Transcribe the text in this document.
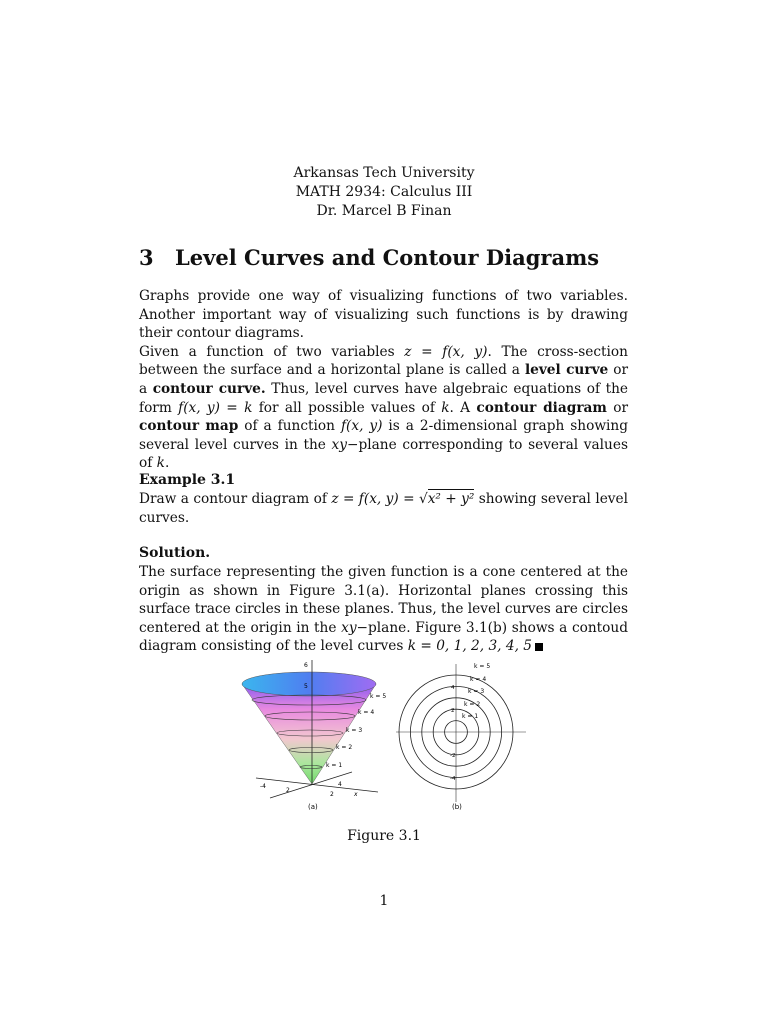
Arkansas Tech University
MATH 2934: Calculus III
Dr. Marcel B Finan
3 Level Curves and Contour Diagrams

Graphs provide one way of visualizing functions of two variables. Another important way of visualizing such functions is by drawing their contour diagrams.

Given a function of two variables z = f(x, y). The cross-section between the surface and a horizontal plane is called a level curve or a contour curve. Thus, level curves have algebraic equations of the form f(x, y) = k for all possible values of k. A contour diagram or contour map of a function f(x, y) is a 2-dimensional graph showing several level curves in the xy−plane corresponding to several values of k.

Example 3.1
Draw a contour diagram of z = f(x, y) = √x² + y² showing several level curves.
Solution.
The surface representing the given function is a cone centered at the origin as shown in Figure 3.1(a). Horizontal planes crossing this surface trace circles in these planes. Thus, the level curves are circles centered at the origin in the xy−plane. Figure 3.1(b) shows a contoud diagram consisting of the level curves k = 0, 1, 2, 3, 4, 5
6
5
k = 5
k = 4
k = 3
k = 2
k = 1
-4
2
2
4
x
(a)
k = 5
k = 4
k = 3
k = 2
k = 1
4
2
-2
-4
(b)
Figure 3.1
1
